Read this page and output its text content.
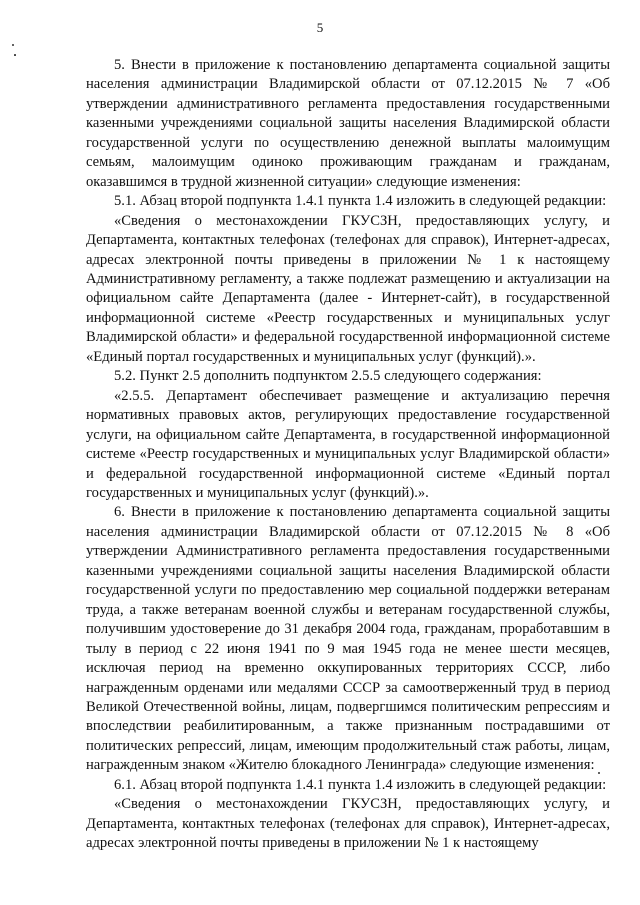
5

5. Внести в приложение к постановлению департамента социальной защиты населения администрации Владимирской области от 07.12.2015 № 7 «Об утверждении административного регламента предоставления государственными казенными учреждениями социальной защиты населения Владимирской области государственной услуги по осуществлению денежной выплаты малоимущим семьям, малоимущим одиноко проживающим гражданам и гражданам, оказавшимся в трудной жизненной ситуации» следующие изменения:

5.1. Абзац второй подпункта 1.4.1 пункта 1.4 изложить в следующей редакции:

«Сведения о местонахождении ГКУСЗН, предоставляющих услугу, и Департамента, контактных телефонах (телефонах для справок), Интернет-адресах, адресах электронной почты приведены в приложении № 1 к настоящему Административному регламенту, а также подлежат размещению и актуализации на официальном сайте Департамента (далее - Интернет-сайт), в государственной информационной системе «Реестр государственных и муниципальных услуг Владимирской области» и федеральной государственной информационной системе «Единый портал государственных и муниципальных услуг (функций).».

5.2. Пункт 2.5 дополнить подпунктом 2.5.5 следующего содержания:

«2.5.5. Департамент обеспечивает размещение и актуализацию перечня нормативных правовых актов, регулирующих предоставление государственной услуги, на официальном сайте Департамента, в государственной информационной системе «Реестр государственных и муниципальных услуг Владимирской области» и федеральной государственной информационной системе «Единый портал государственных и муниципальных услуг (функций).».

6. Внести в приложение к постановлению департамента социальной защиты населения администрации Владимирской области от 07.12.2015 № 8 «Об утверждении Административного регламента предоставления государственными казенными учреждениями социальной защиты населения Владимирской области государственной услуги по предоставлению мер социальной поддержки ветеранам труда, а также ветеранам военной службы и ветеранам государственной службы, получившим удостоверение до 31 декабря 2004 года, гражданам, проработавшим в тылу в период с 22 июня 1941 по 9 мая 1945 года не менее шести месяцев, исключая период на временно оккупированных территориях СССР, либо награжденным орденами или медалями СССР за самоотверженный труд в период Великой Отечественной войны, лицам, подвергшимся политическим репрессиям и впоследствии реабилитированным, а также признанным пострадавшими от политических репрессий, лицам, имеющим продолжительный стаж работы, лицам, награжденным знаком «Жителю блокадного Ленинграда» следующие изменения:

6.1. Абзац второй подпункта 1.4.1 пункта 1.4 изложить в следующей редакции:

«Сведения о местонахождении ГКУСЗН, предоставляющих услугу, и Департамента, контактных телефонах (телефонах для справок), Интернет-адресах, адресах электронной почты приведены в приложении № 1 к настоящему
